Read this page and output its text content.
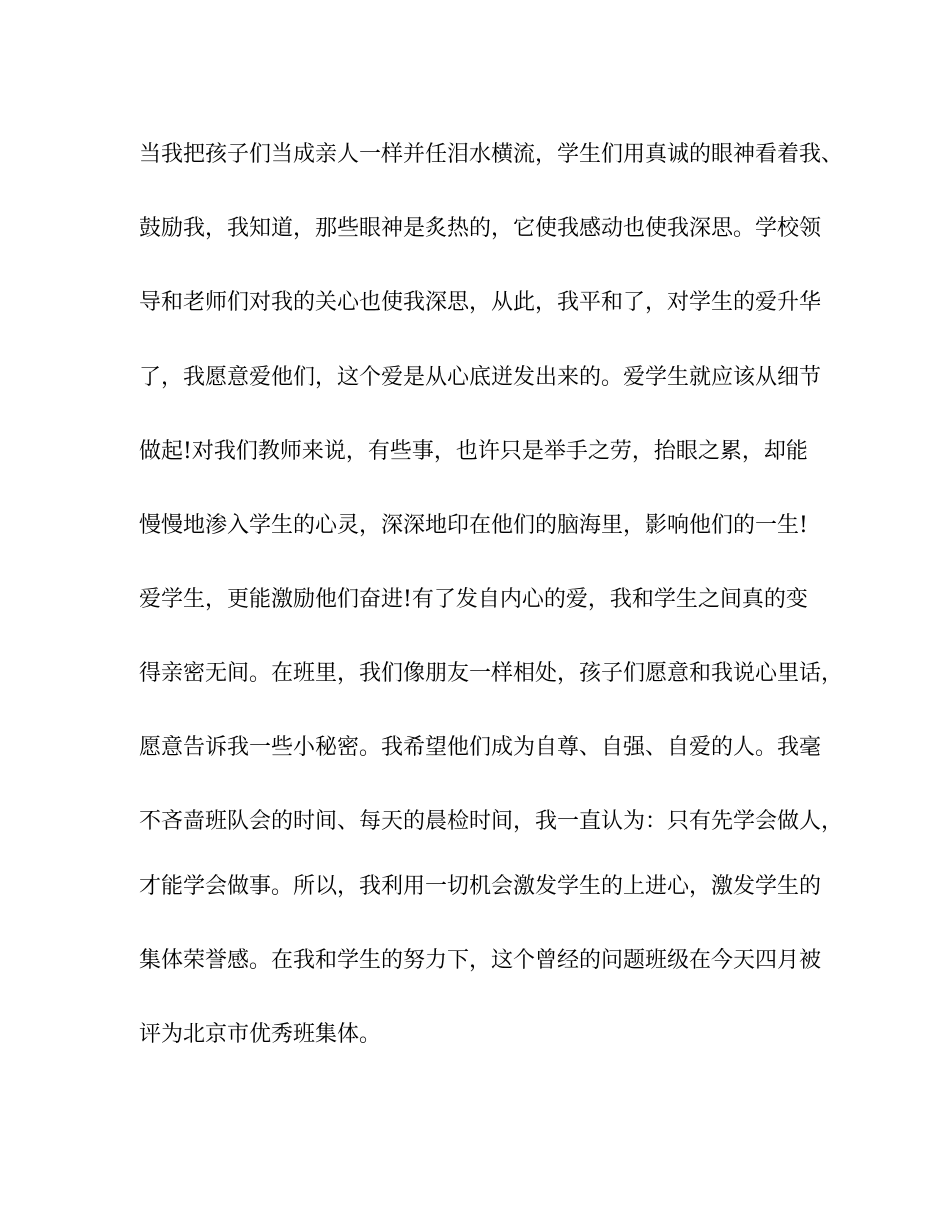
当我把孩子们当成亲人一样并任泪水横流，学生们用真诚的眼神看着我、

鼓励我，我知道，那些眼神是炙热的，它使我感动也使我深思。学校领

导和老师们对我的关心也使我深思，从此，我平和了，对学生的爱升华

了，我愿意爱他们，这个爱是从心底迸发出来的。爱学生就应该从细节

做起!对我们教师来说，有些事，也许只是举手之劳，抬眼之累，却能

慢慢地渗入学生的心灵，深深地印在他们的脑海里，影响他们的一生!

爱学生，更能激励他们奋进!有了发自内心的爱，我和学生之间真的变

得亲密无间。在班里，我们像朋友一样相处，孩子们愿意和我说心里话，

愿意告诉我一些小秘密。我希望他们成为自尊、自强、自爱的人。我毫

不吝啬班队会的时间、每天的晨检时间，我一直认为：只有先学会做人，

才能学会做事。所以，我利用一切机会激发学生的上进心，激发学生的

集体荣誉感。在我和学生的努力下，这个曾经的问题班级在今天四月被

评为北京市优秀班集体。
